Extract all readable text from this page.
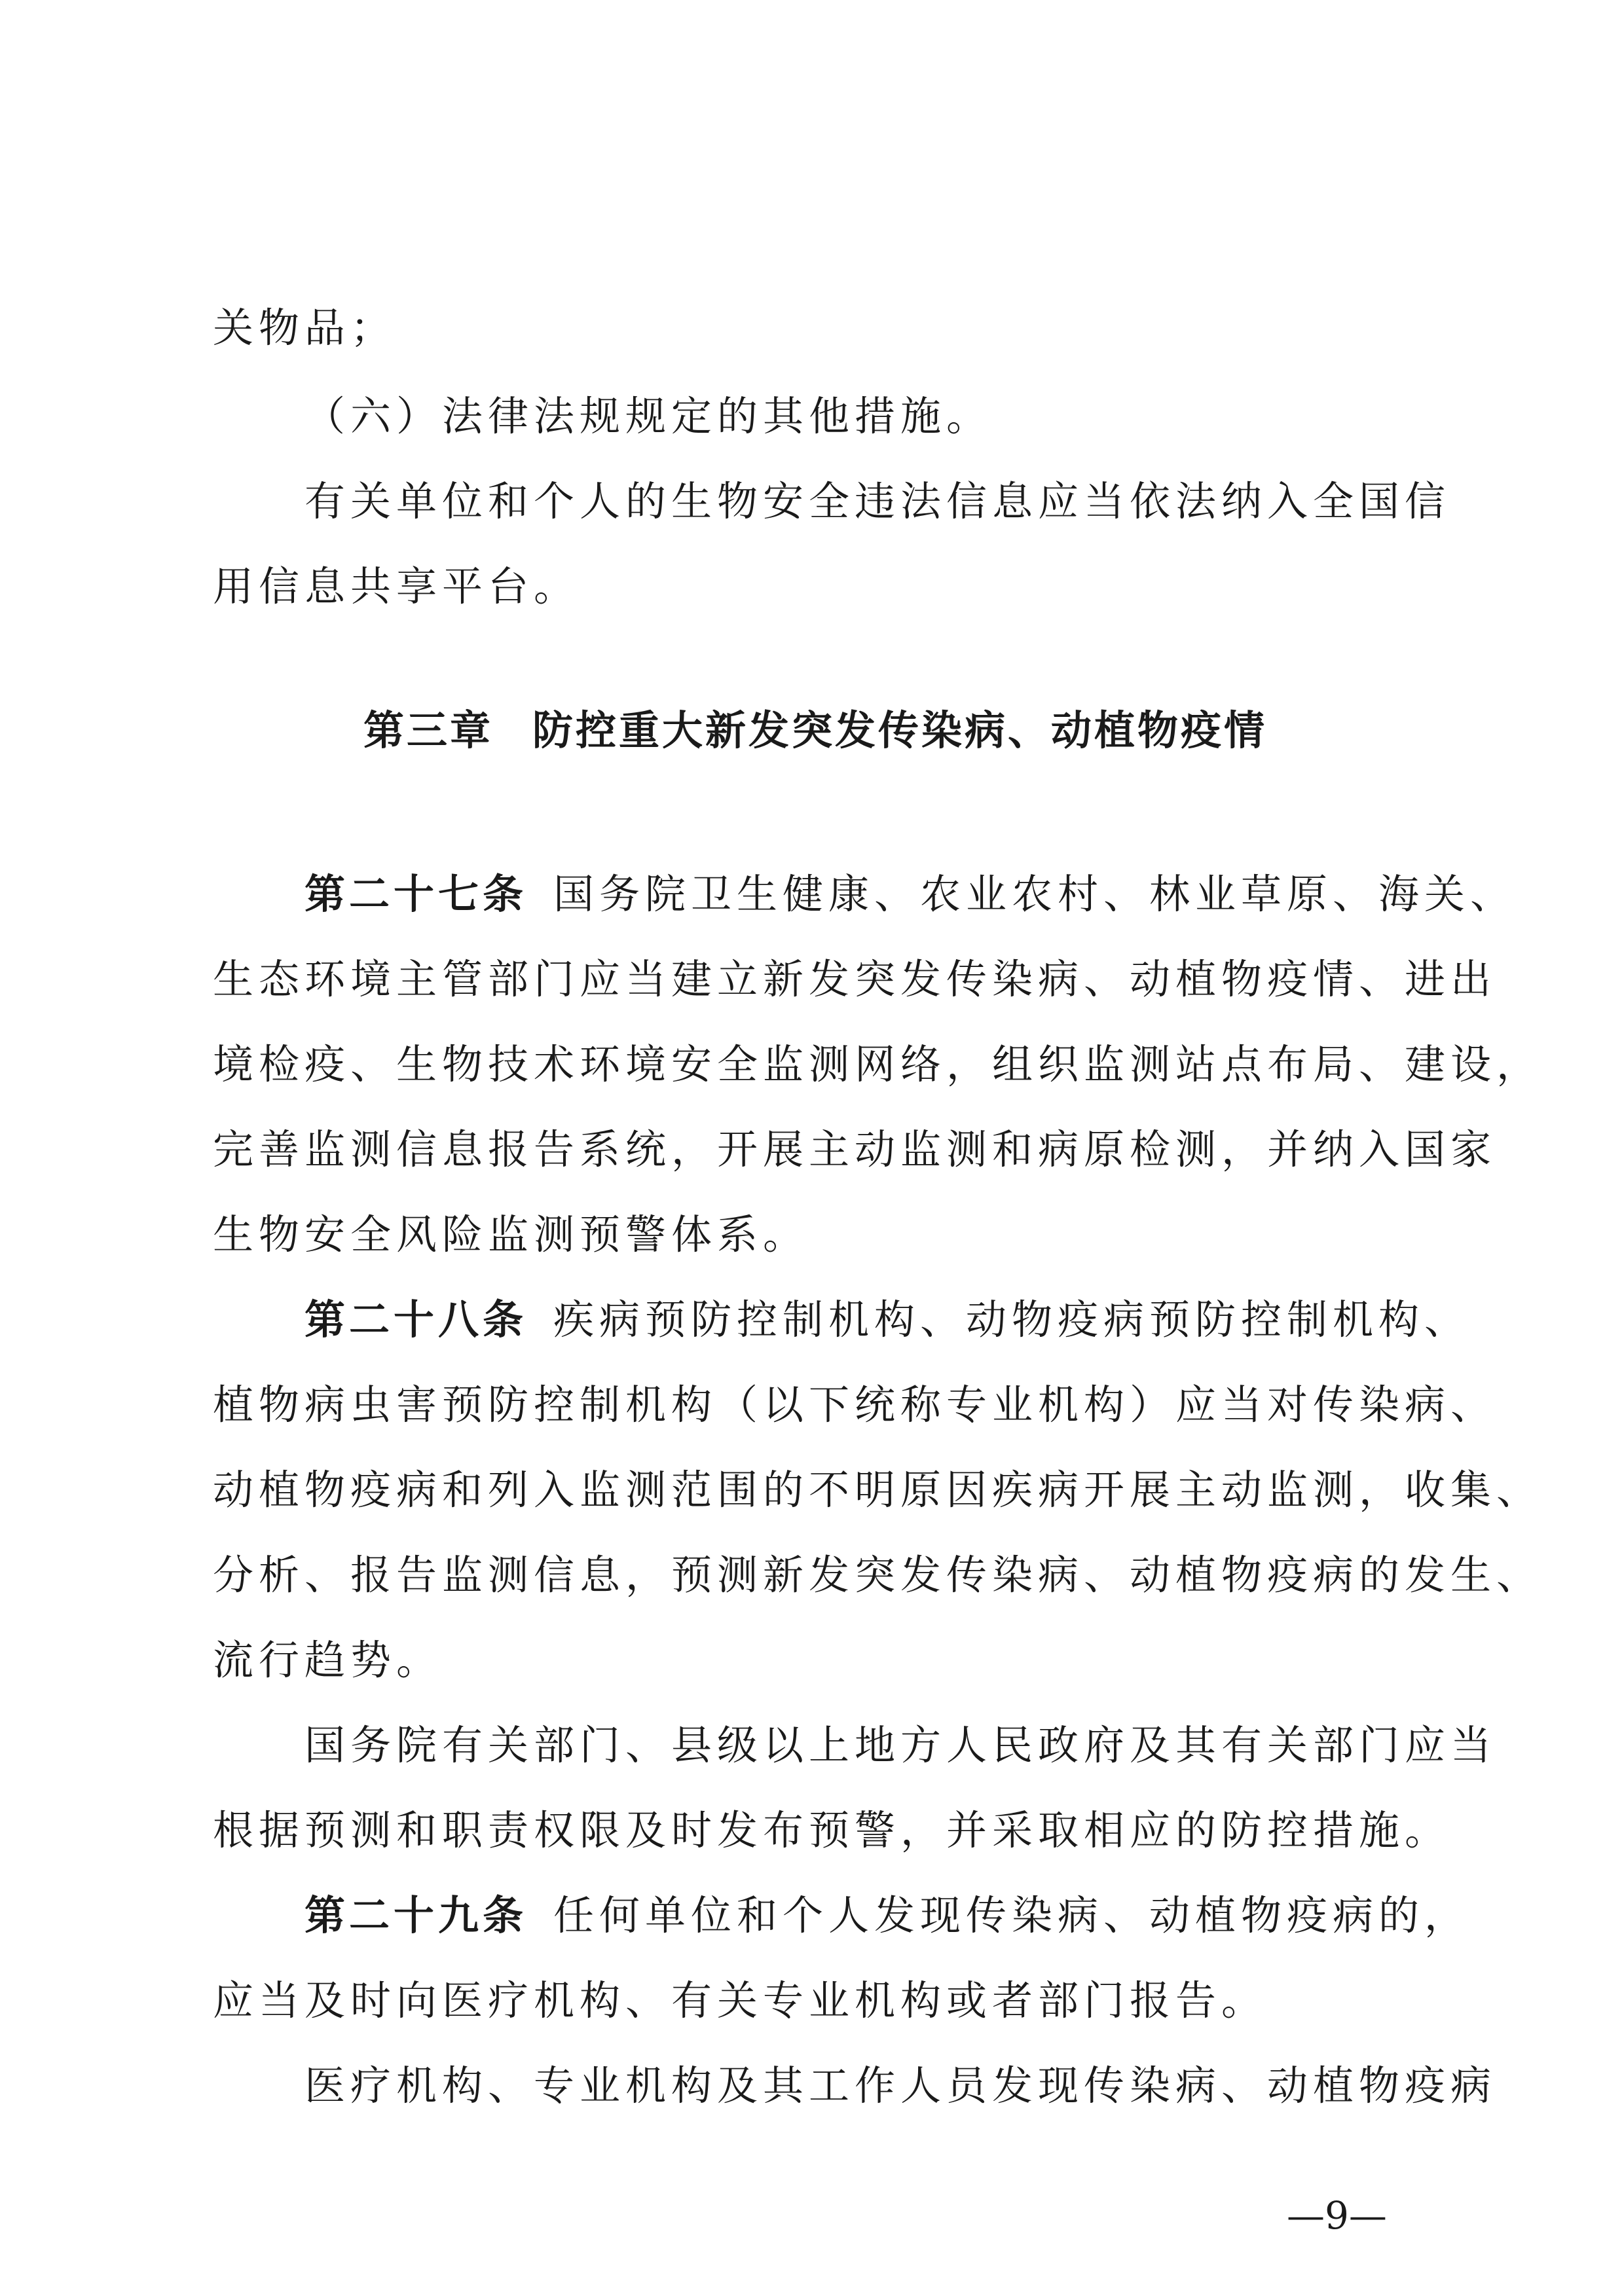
关物品；
（六）法律法规规定的其他措施。
有关单位和个人的生物安全违法信息应当依法纳入全国信
用信息共享平台。
第三章 防控重大新发突发传染病、动植物疫情
第二十七条 国务院卫生健康、农业农村、林业草原、海关、
生态环境主管部门应当建立新发突发传染病、动植物疫情、进出
境检疫、生物技术环境安全监测网络，组织监测站点布局、建设，
完善监测信息报告系统，开展主动监测和病原检测，并纳入国家
生物安全风险监测预警体系。
第二十八条 疾病预防控制机构、动物疫病预防控制机构、
植物病虫害预防控制机构（以下统称专业机构）应当对传染病、
动植物疫病和列入监测范围的不明原因疾病开展主动监测，收集、
分析、报告监测信息，预测新发突发传染病、动植物疫病的发生、
流行趋势。
国务院有关部门、县级以上地方人民政府及其有关部门应当
根据预测和职责权限及时发布预警，并采取相应的防控措施。
第二十九条 任何单位和个人发现传染病、动植物疫病的，
应当及时向医疗机构、有关专业机构或者部门报告。
医疗机构、专业机构及其工作人员发现传染病、动植物疫病
—9—
